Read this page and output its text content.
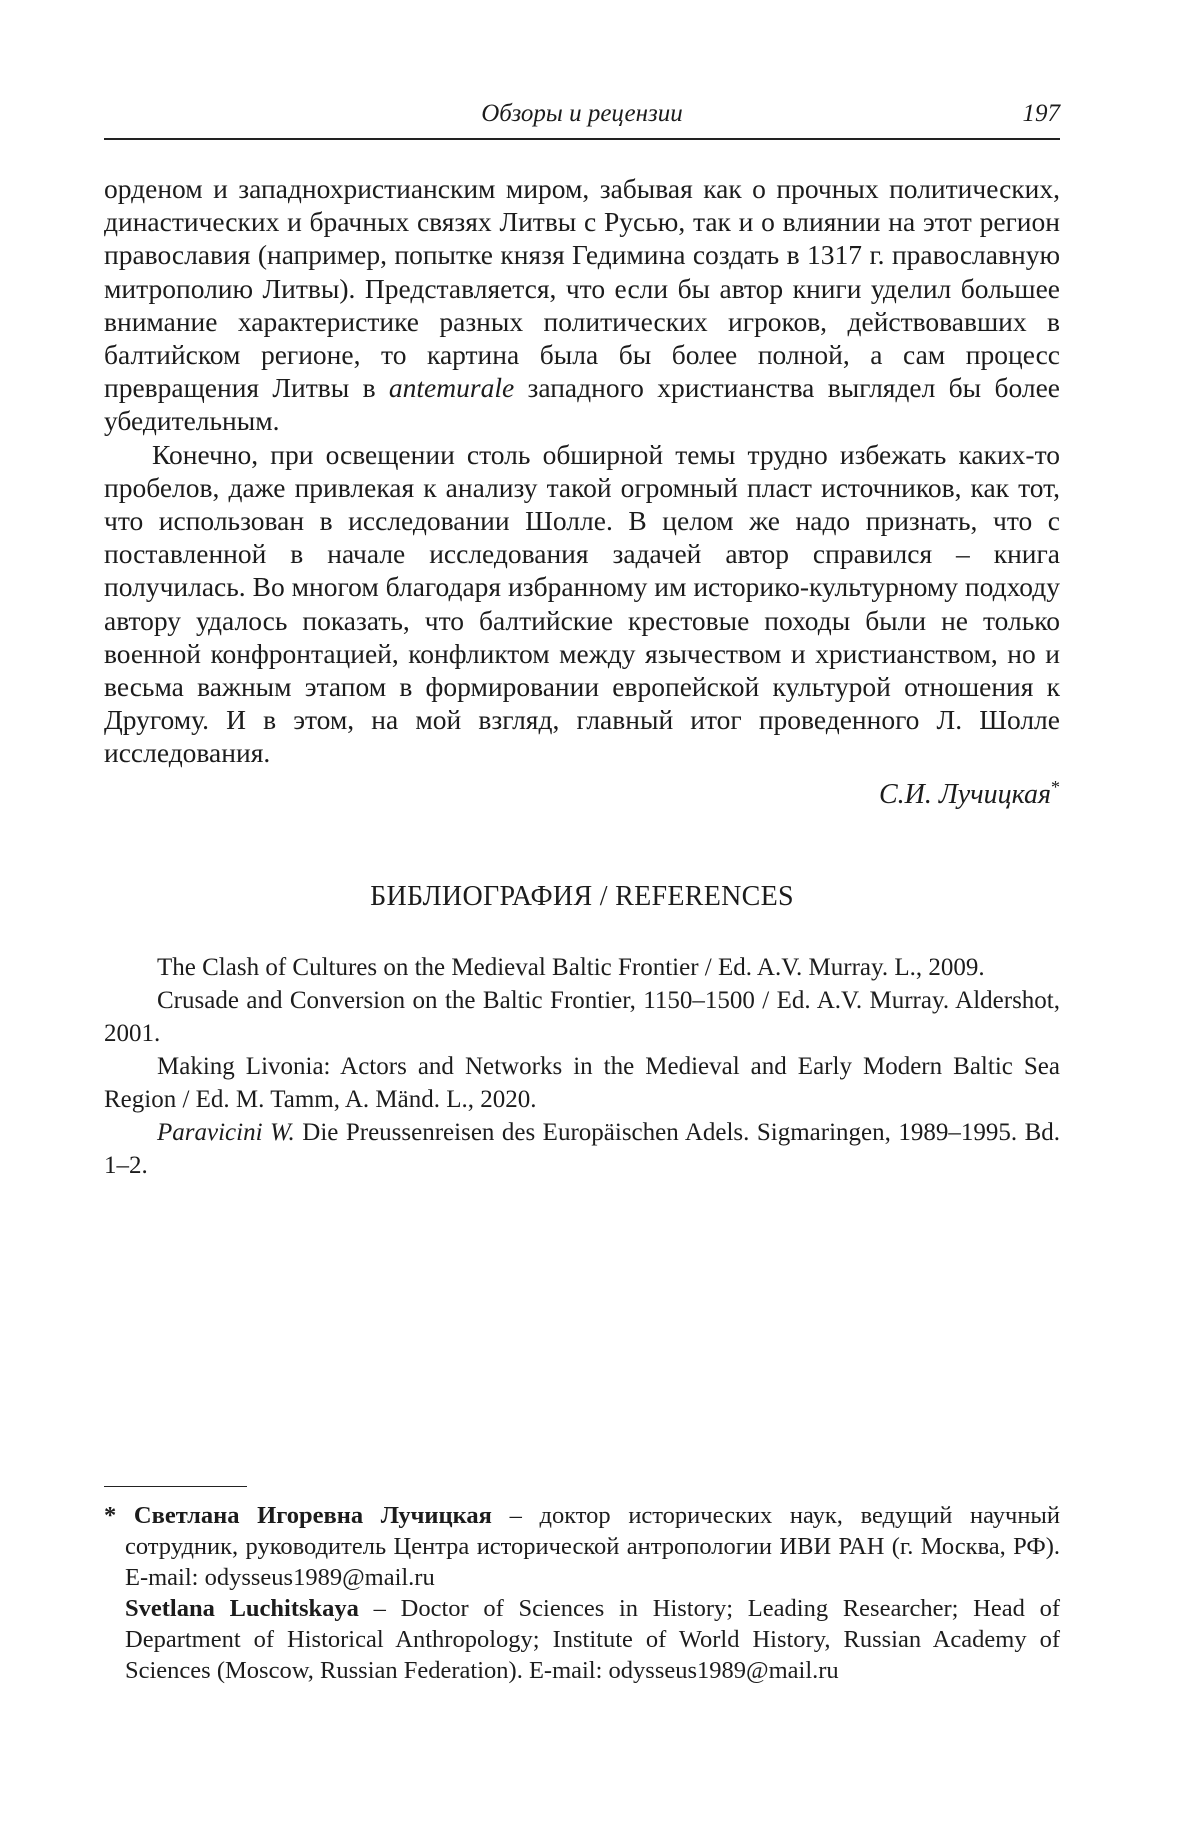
Обзоры и рецензии	197

орденом и западнохристианским миром, забывая как о прочных политических, династических и брачных связях Литвы с Русью, так и о влиянии на этот регион православия (например, попытке князя Гедимина создать в 1317 г. православную митрополию Литвы). Представляется, что если бы автор книги уделил большее внимание характеристике разных политических игроков, действовавших в балтийском регионе, то картина была бы более полной, а сам процесс превращения Литвы в antemurale западного христианства выглядел бы более убедительным.

Конечно, при освещении столь обширной темы трудно избежать каких-то пробелов, даже привлекая к анализу такой огромный пласт источников, как тот, что использован в исследовании Шолле. В целом же надо признать, что с поставленной в начале исследования задачей автор справился – книга получилась. Во многом благодаря избранному им историко-культурному подходу автору удалось показать, что балтийские крестовые походы были не только военной конфронтацией, конфликтом между язычеством и христианством, но и весьма важным этапом в формировании европейской культурой отношения к Другому. И в этом, на мой взгляд, главный итог проведенного Л. Шолле исследования.

С.И. Лучицкая*
БИБЛИОГРАФИЯ / REFERENCES

The Clash of Cultures on the Medieval Baltic Frontier / Ed. A.V. Murray. L., 2009.

Crusade and Conversion on the Baltic Frontier, 1150–1500 / Ed. A.V. Murray. Aldershot, 2001.

Making Livonia: Actors and Networks in the Medieval and Early Modern Baltic Sea Region / Ed. M. Tamm, A. Mänd. L., 2020.

Paravicini W. Die Preussenreisen des Europäischen Adels. Sigmaringen, 1989–1995. Bd. 1–2.

* Светлана Игоревна Лучицкая – доктор исторических наук, ведущий научный сотрудник, руководитель Центра исторической антропологии ИВИ РАН (г. Москва, РФ). E-mail: odysseus1989@mail.ru

Svetlana Luchitskaya – Doctor of Sciences in History; Leading Researcher; Head of Department of Historical Anthropology; Institute of World History, Russian Academy of Sciences (Moscow, Russian Federation). E-mail: odysseus1989@mail.ru
